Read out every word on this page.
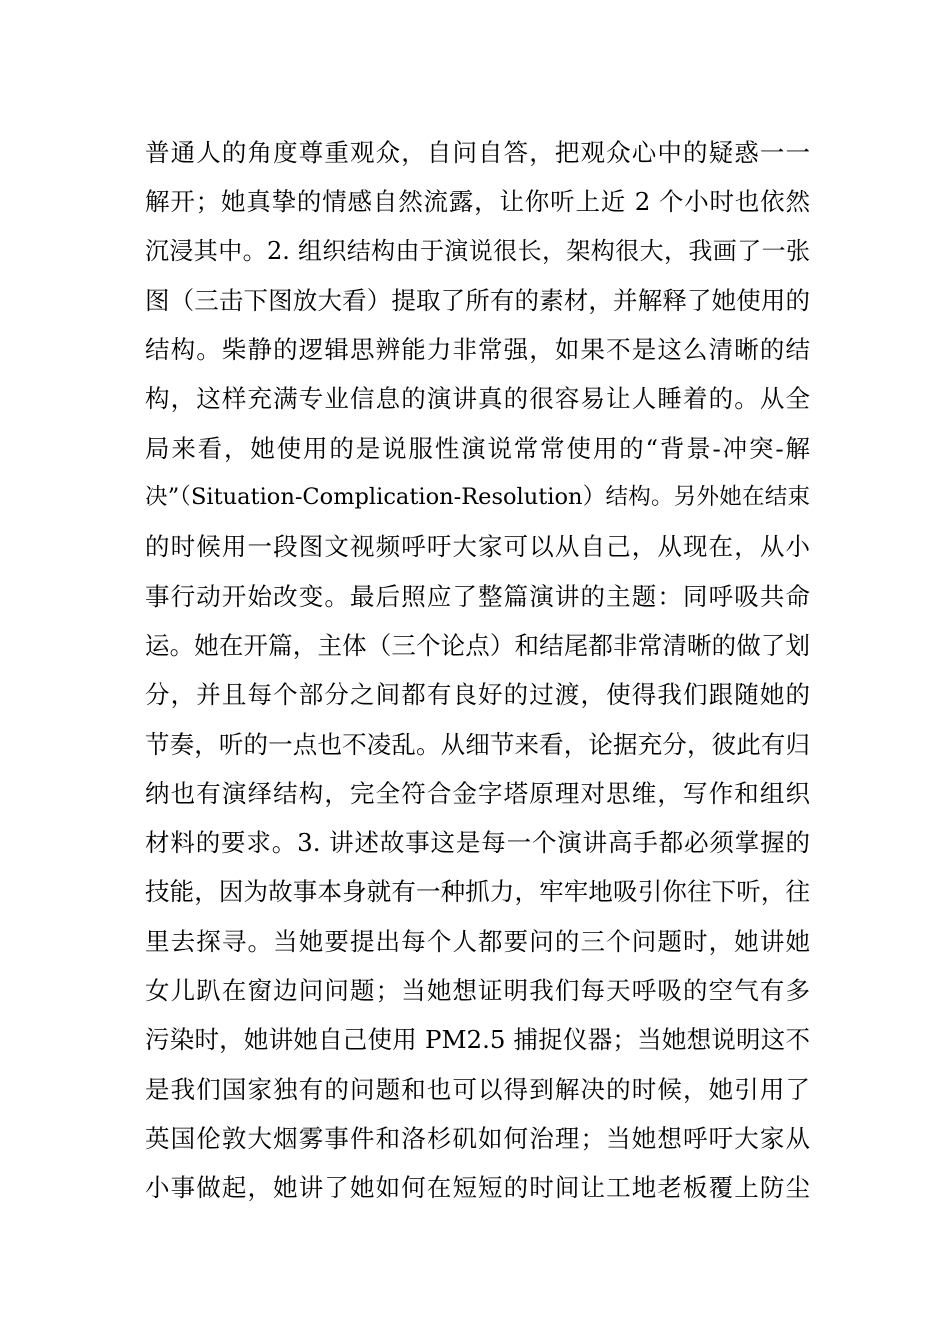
普通人的角度尊重观众，自问自答，把观众心中的疑惑一一
解开；她真挚的情感自然流露，让你听上近 2 个小时也依然
沉浸其中。2. 组织结构由于演说很长，架构很大，我画了一张
图（三击下图放大看）提取了所有的素材，并解释了她使用的
结构。柴静的逻辑思辨能力非常强，如果不是这么清晰的结
构，这样充满专业信息的演讲真的很容易让人睡着的。从全
局来看，她使用的是说服性演说常常使用的“背景-冲突-解
决”（Situation-Complication-Resolution）结构。另外她在结束
的时候用一段图文视频呼吁大家可以从自己，从现在，从小
事行动开始改变。最后照应了整篇演讲的主题：同呼吸共命
运。她在开篇，主体（三个论点）和结尾都非常清晰的做了划
分，并且每个部分之间都有良好的过渡，使得我们跟随她的
节奏，听的一点也不凌乱。从细节来看，论据充分，彼此有归
纳也有演绎结构，完全符合金字塔原理对思维，写作和组织
材料的要求。3. 讲述故事这是每一个演讲高手都必须掌握的
技能，因为故事本身就有一种抓力，牢牢地吸引你往下听，往
里去探寻。当她要提出每个人都要问的三个问题时，她讲她
女儿趴在窗边问问题；当她想证明我们每天呼吸的空气有多
污染时，她讲她自己使用 PM2.5 捕捉仪器；当她想说明这不
是我们国家独有的问题和也可以得到解决的时候，她引用了
英国伦敦大烟雾事件和洛杉矶如何治理；当她想呼吁大家从
小事做起，她讲了她如何在短短的时间让工地老板覆上防尘
